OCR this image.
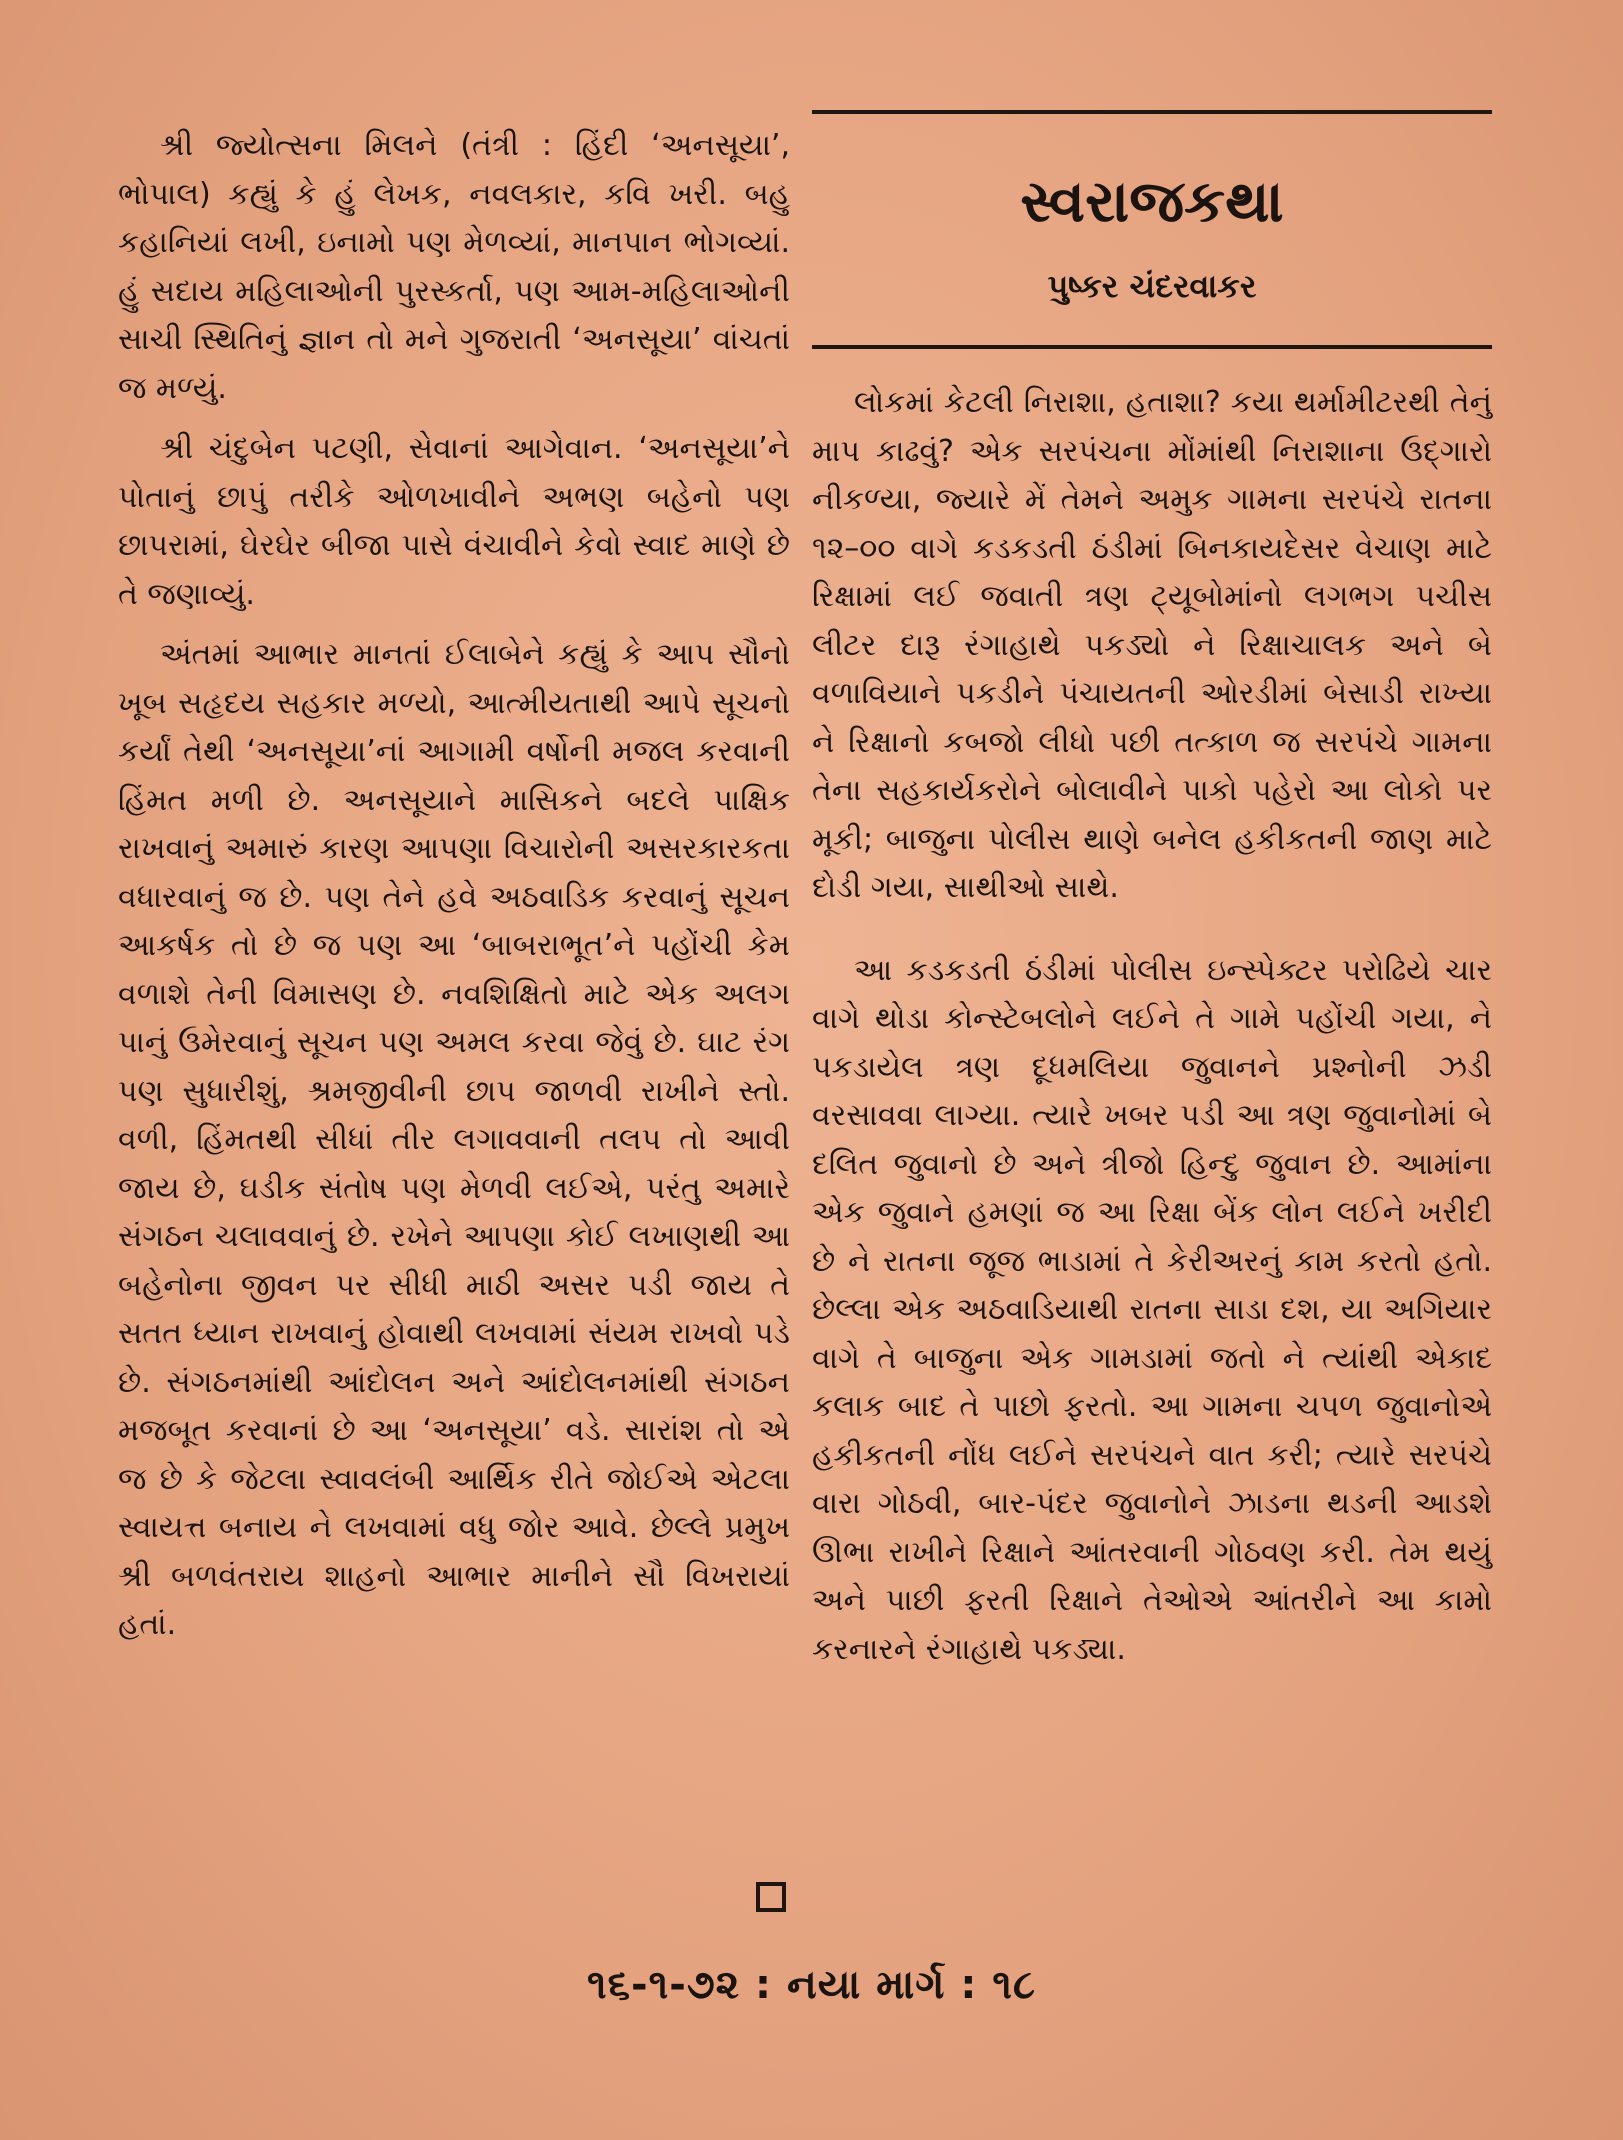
શ્રી જ્યોત્સના મિલને (તંત્રી : હિંદી ‘અનસૂયા’, ભોપાલ) કહ્યું કે હું લેખક, નવલકાર, કવિ ખરી. બહુ કહાનિયાં લખી, ઇનામો પણ મેળવ્યાં, માનપાન ભોગવ્યાં. હું સદાય મહિલાઓની પુરસ્કર્તા, પણ આમ-મહિલાઓની સાચી સ્થિતિનું જ્ઞાન તો મને ગુજરાતી ‘અનસૂયા’ વાંચતાં જ મળ્યું.

શ્રી ચંદુબેન પટણી, સેવાનાં આગેવાન. ‘અનસૂયા’ને પોતાનું છાપું તરીકે ઓળખાવીને અભણ બહેનો પણ છાપરામાં, ઘેરઘેર બીજા પાસે વંચાવીને કેવો સ્વાદ માણે છે તે જણાવ્યું.

અંતમાં આભાર માનતાં ઈલાબેને કહ્યું કે આપ સૌનો ખૂબ સહૃદય સહકાર મળ્યો, આત્મીયતાથી આપે સૂચનો કર્યાં તેથી ‘અનસૂયા’નાં આગામી વર્ષોની મજલ કરવાની હિંમત મળી છે. અનસૂયાને માસિકને બદલે પાક્ષિક રાખવાનું અમારું કારણ આપણા વિચારોની અસરકારકતા વધારવાનું જ છે. પણ તેને હવે અઠવાડિક કરવાનું સૂચન આકર્ષક તો છે જ પણ આ ‘બાબરાભૂત’ને પહોંચી કેમ વળાશે તેની વિમાસણ છે. નવશિક્ષિતો માટે એક અલગ પાનું ઉમેરવાનું સૂચન પણ અમલ કરવા જેવું છે. ઘાટ રંગ પણ સુધારીશું, શ્રમજીવીની છાપ જાળવી રાખીને સ્તો. વળી, હિંમતથી સીધાં તીર લગાવવાની તલપ તો આવી જાય છે, ઘડીક સંતોષ પણ મેળવી લઈએ, પરંતુ અમારે સંગઠન ચલાવવાનું છે. રખેને આપણા કોઈ લખાણથી આ બહેનોના જીવન પર સીધી માઠી અસર પડી જાય તે સતત ધ્યાન રાખવાનું હોવાથી લખવામાં સંયમ રાખવો પડે છે. સંગઠનમાંથી આંદોલન અને આંદોલનમાંથી સંગઠન મજબૂત કરવાનાં છે આ ‘અનસૂયા’ વડે. સારાંશ તો એ જ છે કે જેટલા સ્વાવલંબી આર્થિક રીતે જોઈએ એટલા સ્વાયત્ત બનાય ને લખવામાં વધુ જોર આવે. છેલ્લે પ્રમુખ શ્રી બળવંતરાય શાહનો આભાર માનીને સૌ વિખરાયાં હતાં.

સ્વરાજકથા
પુષ્કર ચંદરવાકર

લોકમાં કેટલી નિરાશા, હતાશા? કયા થર્મામીટરથી તેનું માપ કાઢવું? એક સરપંચના મોંમાંથી નિરાશાના ઉદ્‌ગારો નીકળ્યા, જ્યારે મેં તેમને અમુક ગામના સરપંચે રાતના ૧૨–૦૦ વાગે કડકડતી ઠંડીમાં બિનકાયદેસર વેચાણ માટે રિક્ષામાં લઈ જવાતી ત્રણ ટ્યૂબોમાંનો લગભગ પચીસ લીટર દારૂ રંગાહાથે પકડ્યો ને રિક્ષાચાલક અને બે વળાવિયાને પકડીને પંચાયતની ઓરડીમાં બેસાડી રાખ્યા ને રિક્ષાનો કબજો લીધો પછી તત્કાળ જ સરપંચે ગામના તેના સહકાર્યકરોને બોલાવીને પાકો પહેરો આ લોકો પર મૂકી; બાજુના પોલીસ થાણે બનેલ હકીકતની જાણ માટે દોડી ગયા, સાથીઓ સાથે.

આ કડકડતી ઠંડીમાં પોલીસ ઇન્સ્પેક્ટર પરોઢિયે ચાર વાગે થોડા કોન્સ્ટેબલોને લઈને તે ગામે પહોંચી ગયા, ને પકડાયેલ ત્રણ દૂધમલિયા જુવાનને પ્રશ્નોની ઝડી વરસાવવા લાગ્યા. ત્યારે ખબર પડી આ ત્રણ જુવાનોમાં બે દલિત જુવાનો છે અને ત્રીજો હિન્દુ જુવાન છે. આમાંના એક જુવાને હમણાં જ આ રિક્ષા બેંક લોન લઈને ખરીદી છે ને રાતના જૂજ ભાડામાં તે કેરીઅરનું કામ કરતો હતો. છેલ્લા એક અઠવાડિયાથી રાતના સાડા દશ, યા અગિયાર વાગે તે બાજુના એક ગામડામાં જતો ને ત્યાંથી એકાદ કલાક બાદ તે પાછો ફરતો. આ ગામના ચપળ જુવાનોએ હકીકતની નોંધ લઈને સરપંચને વાત કરી; ત્યારે સરપંચે વારા ગોઠવી, બાર-પંદર જુવાનોને ઝાડના થડની આડશે ઊભા રાખીને રિક્ષાને આંતરવાની ગોઠવણ કરી. તેમ થયું અને પાછી ફરતી રિક્ષાને તેઓએ આંતરીને આ કામો કરનારને રંગાહાથે પકડ્યા.

૧૬-૧-૭૨ : નયા માર્ગ : ૧૮
